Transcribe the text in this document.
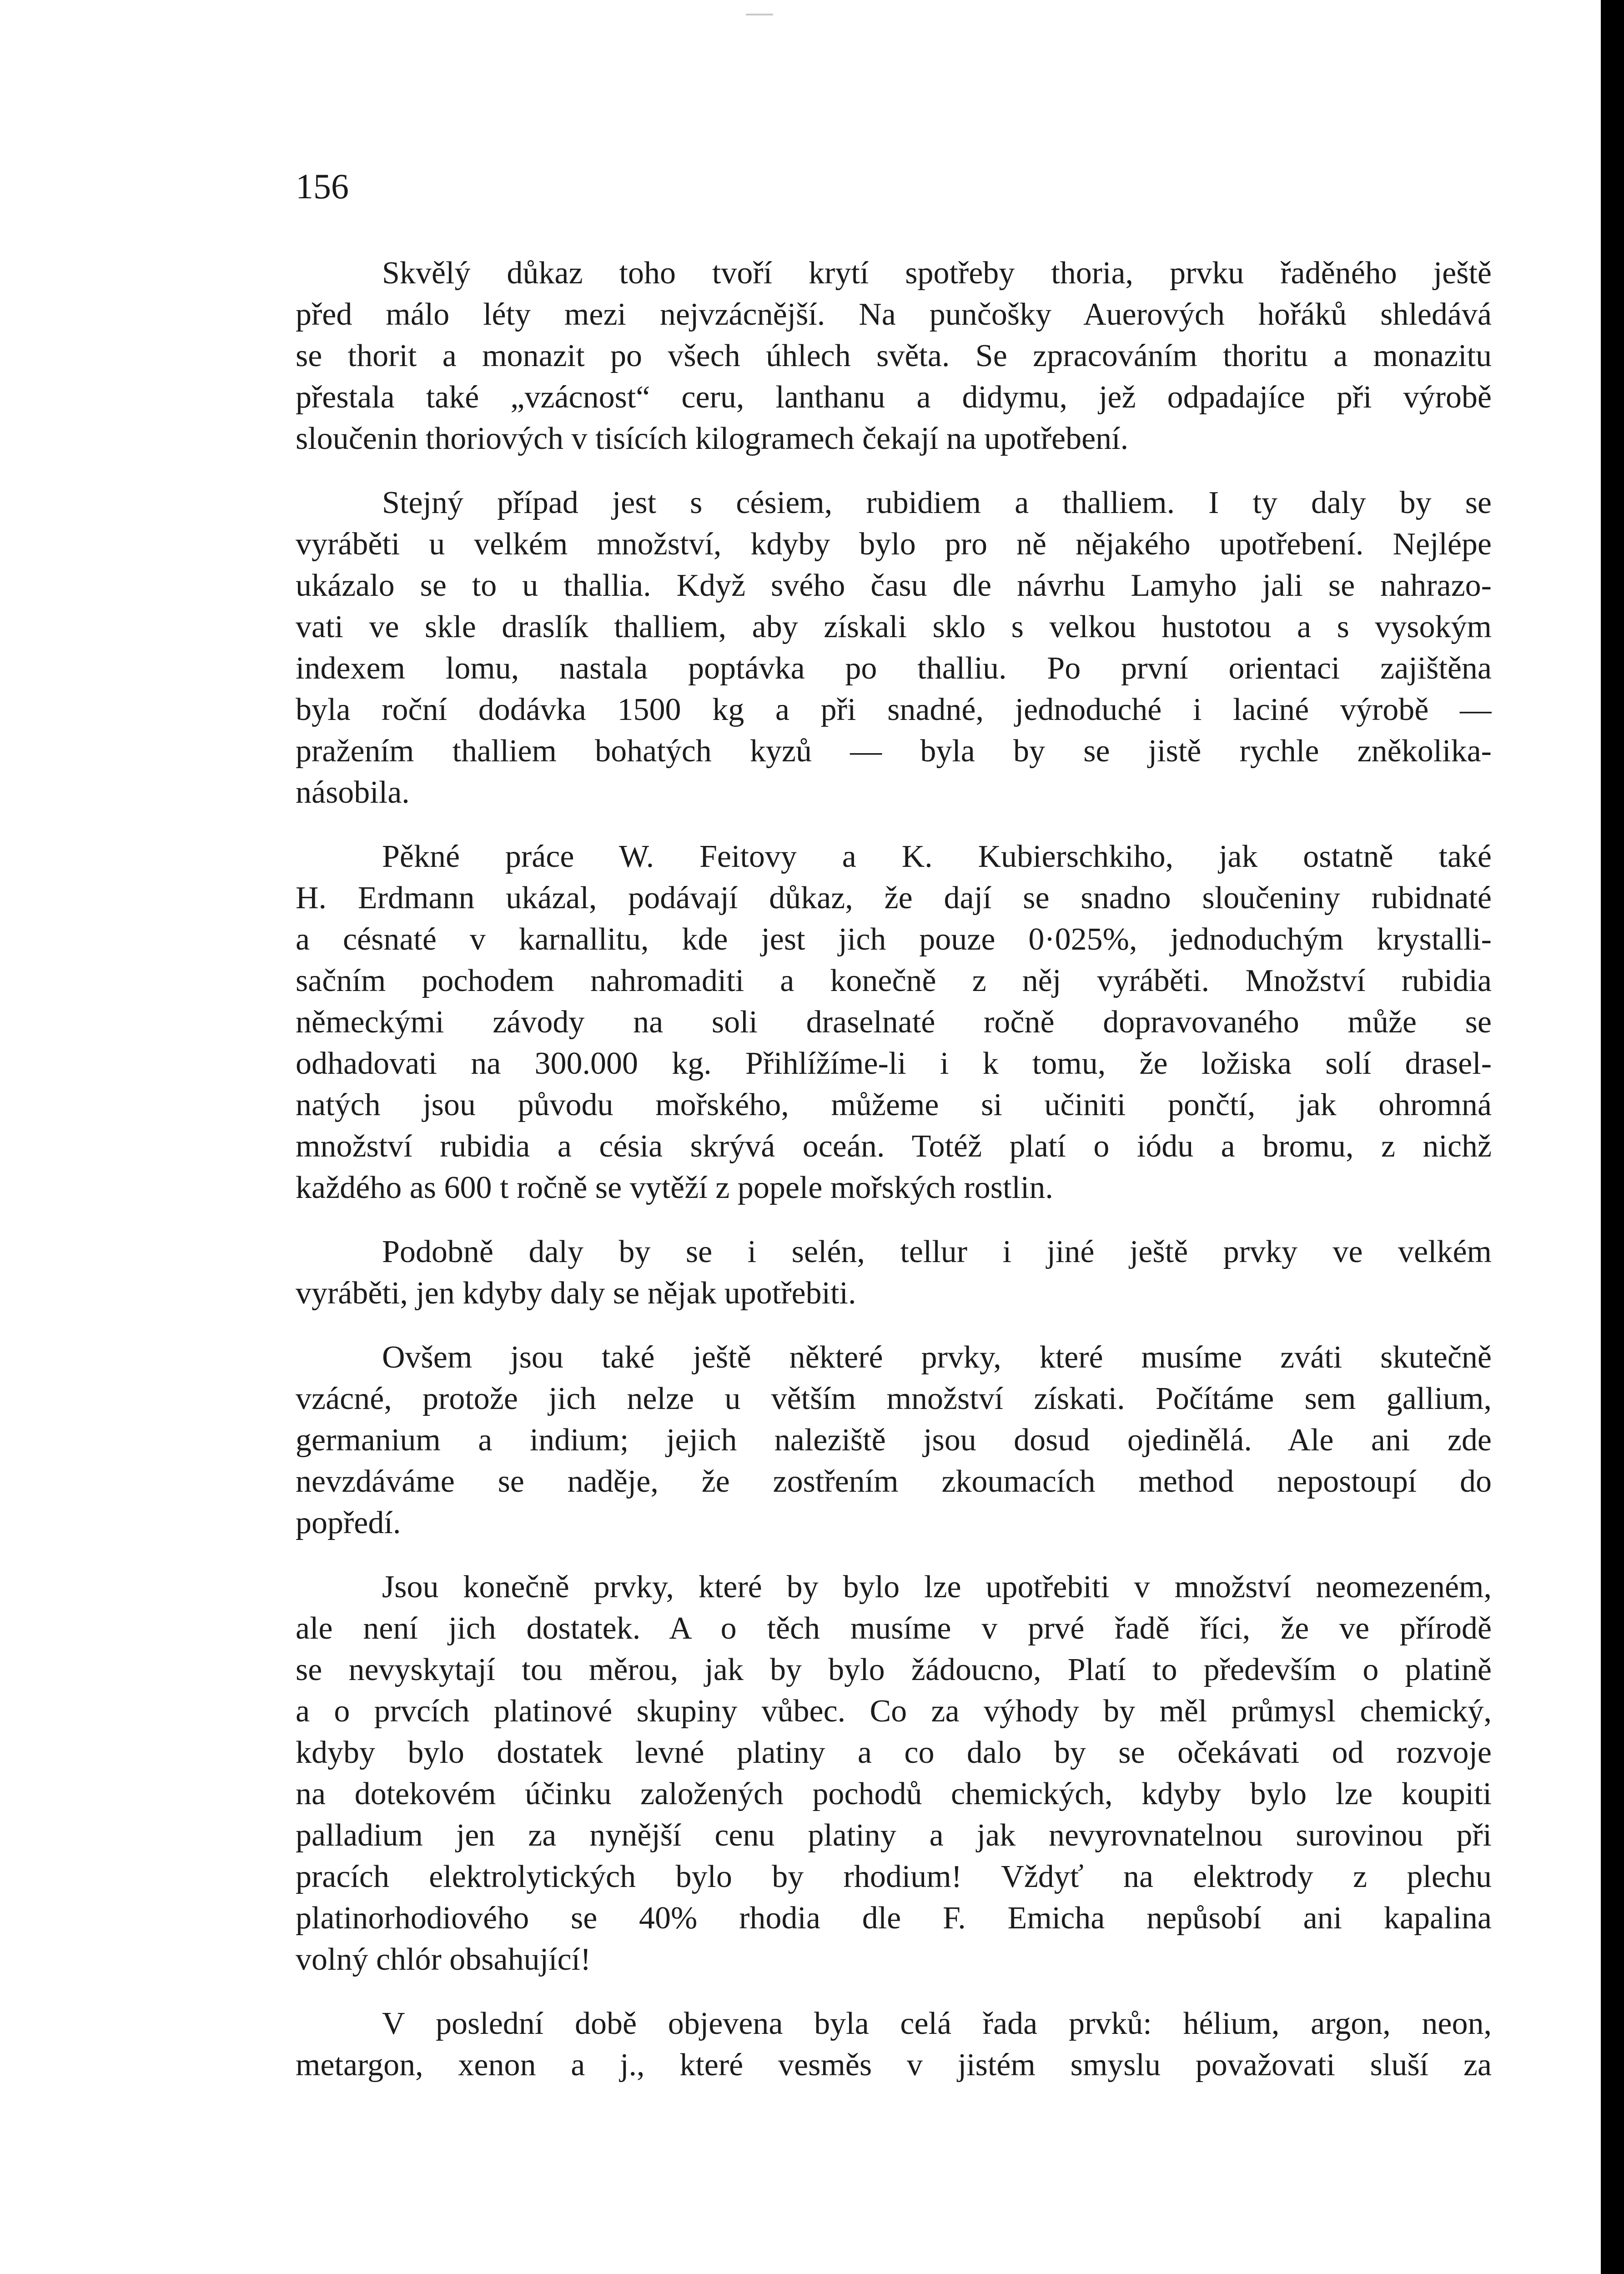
156
Skvělý důkaz toho tvoří krytí spotřeby thoria, prvku řaděného ještě
před málo léty mezi nejvzácnější. Na punčošky Auerových hořáků shledává
se thorit a monazit po všech úhlech světa. Se zpracováním thoritu a monazitu
přestala také „vzácnost“ ceru, lanthanu a didymu, jež odpadajíce při výrobě
sloučenin thoriových v tisících kilogramech čekají na upotřebení.
Stejný případ jest s césiem, rubidiem a thalliem. I ty daly by se
vyráběti u velkém množství, kdyby bylo pro ně nějakého upotřebení. Nejlépe
ukázalo se to u thallia. Když svého času dle návrhu Lamyho jali se nahrazo-
vati ve skle draslík thalliem, aby získali sklo s velkou hustotou a s vysokým
indexem lomu, nastala poptávka po thalliu. Po první orientaci zajištěna
byla roční dodávka 1500 kg a při snadné, jednoduché i laciné výrobě —
pražením thalliem bohatých kyzů — byla by se jistě rychle zněkolika-
násobila.
Pěkné práce W. Feitovy a K. Kubierschkiho, jak ostatně také
H. Erdmann ukázal, podávají důkaz, že dají se snadno sloučeniny rubidnaté
a césnaté v karnallitu, kde jest jich pouze 0·025%, jednoduchým krystalli-
sačním pochodem nahromaditi a konečně z něj vyráběti. Množství rubidia
německými závody na soli draselnaté ročně dopravovaného může se
odhadovati na 300.000 kg. Přihlížíme-li i k tomu, že ložiska solí drasel-
natých jsou původu mořského, můžeme si učiniti pončtí, jak ohromná
množství rubidia a césia skrývá oceán. Totéž platí o iódu a bromu, z nichž
každého as 600 t ročně se vytěží z popele mořských rostlin.
Podobně daly by se i selén, tellur i jiné ještě prvky ve velkém
vyráběti, jen kdyby daly se nějak upotřebiti.
Ovšem jsou také ještě některé prvky, které musíme zváti skutečně
vzácné, protože jich nelze u větším množství získati. Počítáme sem gallium,
germanium a indium; jejich naleziště jsou dosud ojedinělá. Ale ani zde
nevzdáváme se naděje, že zostřením zkoumacích method nepostoupí do
popředí.
Jsou konečně prvky, které by bylo lze upotřebiti v množství neomezeném,
ale není jich dostatek. A o těch musíme v prvé řadě říci, že ve přírodě
se nevyskytají tou měrou, jak by bylo žádoucno, Platí to především o platině
a o prvcích platinové skupiny vůbec. Co za výhody by měl průmysl chemický,
kdyby bylo dostatek levné platiny a co dalo by se očekávati od rozvoje
na dotekovém účinku založených pochodů chemických, kdyby bylo lze koupiti
palladium jen za nynější cenu platiny a jak nevyrovnatelnou surovinou při
pracích elektrolytických bylo by rhodium! Vždyť na elektrody z plechu
platinorhodiového se 40% rhodia dle F. Emicha nepůsobí ani kapalina
volný chlór obsahující!
V poslední době objevena byla celá řada prvků: hélium, argon, neon,
metargon, xenon a j., které vesměs v jistém smyslu považovati sluší za
